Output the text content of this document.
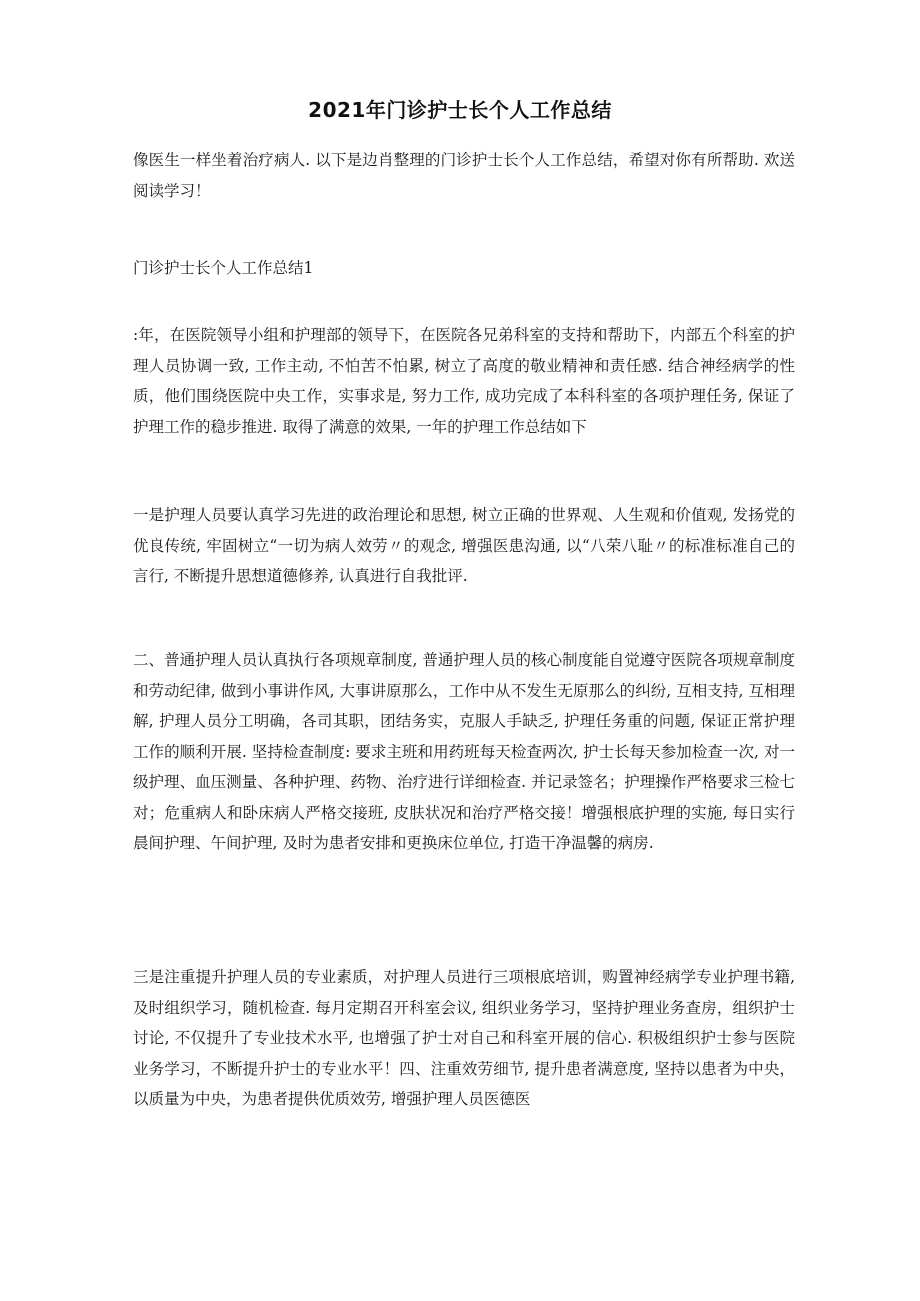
2021年门诊护士长个人工作总结

像医生一样坐着治疗病人. 以下是边肖整理的门诊护士长个人工作总结，希望对你有所帮助. 欢送阅读学习！

门诊护士长个人工作总结1

:年，在医院领导小组和护理部的领导下，在医院各兄弟科室的支持和帮助下，内部五个科室的护理人员协调一致, 工作主动, 不怕苦不怕累, 树立了高度的敬业精神和责任感. 结合神经病学的性质，他们围绕医院中央工作，实事求是, 努力工作, 成功完成了本科科室的各项护理任务, 保证了护理工作的稳步推进. 取得了满意的效果, 一年的护理工作总结如下

一是护理人员要认真学习先进的政治理论和思想, 树立正确的世界观、人生观和价值观, 发扬党的优良传统, 牢固树立“一切为病人效劳〃的观念, 增强医患沟通, 以“八荣八耻〃的标准标准自己的言行, 不断提升思想道德修养, 认真进行自我批评.

二、普通护理人员认真执行各项规章制度, 普通护理人员的核心制度能自觉遵守医院各项规章制度和劳动纪律, 做到小事讲作风, 大事讲原那么，工作中从不发生无原那么的纠纷, 互相支持, 互相理解, 护理人员分工明确，各司其职，团结务实，克服人手缺乏, 护理任务重的问题, 保证正常护理工作的顺利开展. 坚持检查制度: 要求主班和用药班每天检查两次, 护士长每天参加检查一次, 对一级护理、血压测量、各种护理、药物、治疗进行详细检查. 并记录签名；护理操作严格要求三检七对；危重病人和卧床病人严格交接班, 皮肤状况和治疗严格交接！增强根底护理的实施, 每日实行晨间护理、午间护理, 及时为患者安排和更换床位单位, 打造干净温馨的病房.

三是注重提升护理人员的专业素质，对护理人员进行三项根底培训，购置神经病学专业护理书籍, 及时组织学习，随机检查. 每月定期召开科室会议, 组织业务学习，坚持护理业务查房，组织护士讨论, 不仅提升了专业技术水平, 也增强了护士对自己和科室开展的信心. 积极组织护士参与医院业务学习，不断提升护士的专业水平！四、注重效劳细节, 提升患者满意度, 坚持以患者为中央，以质量为中央，为患者提供优质效劳, 增强护理人员医德医
